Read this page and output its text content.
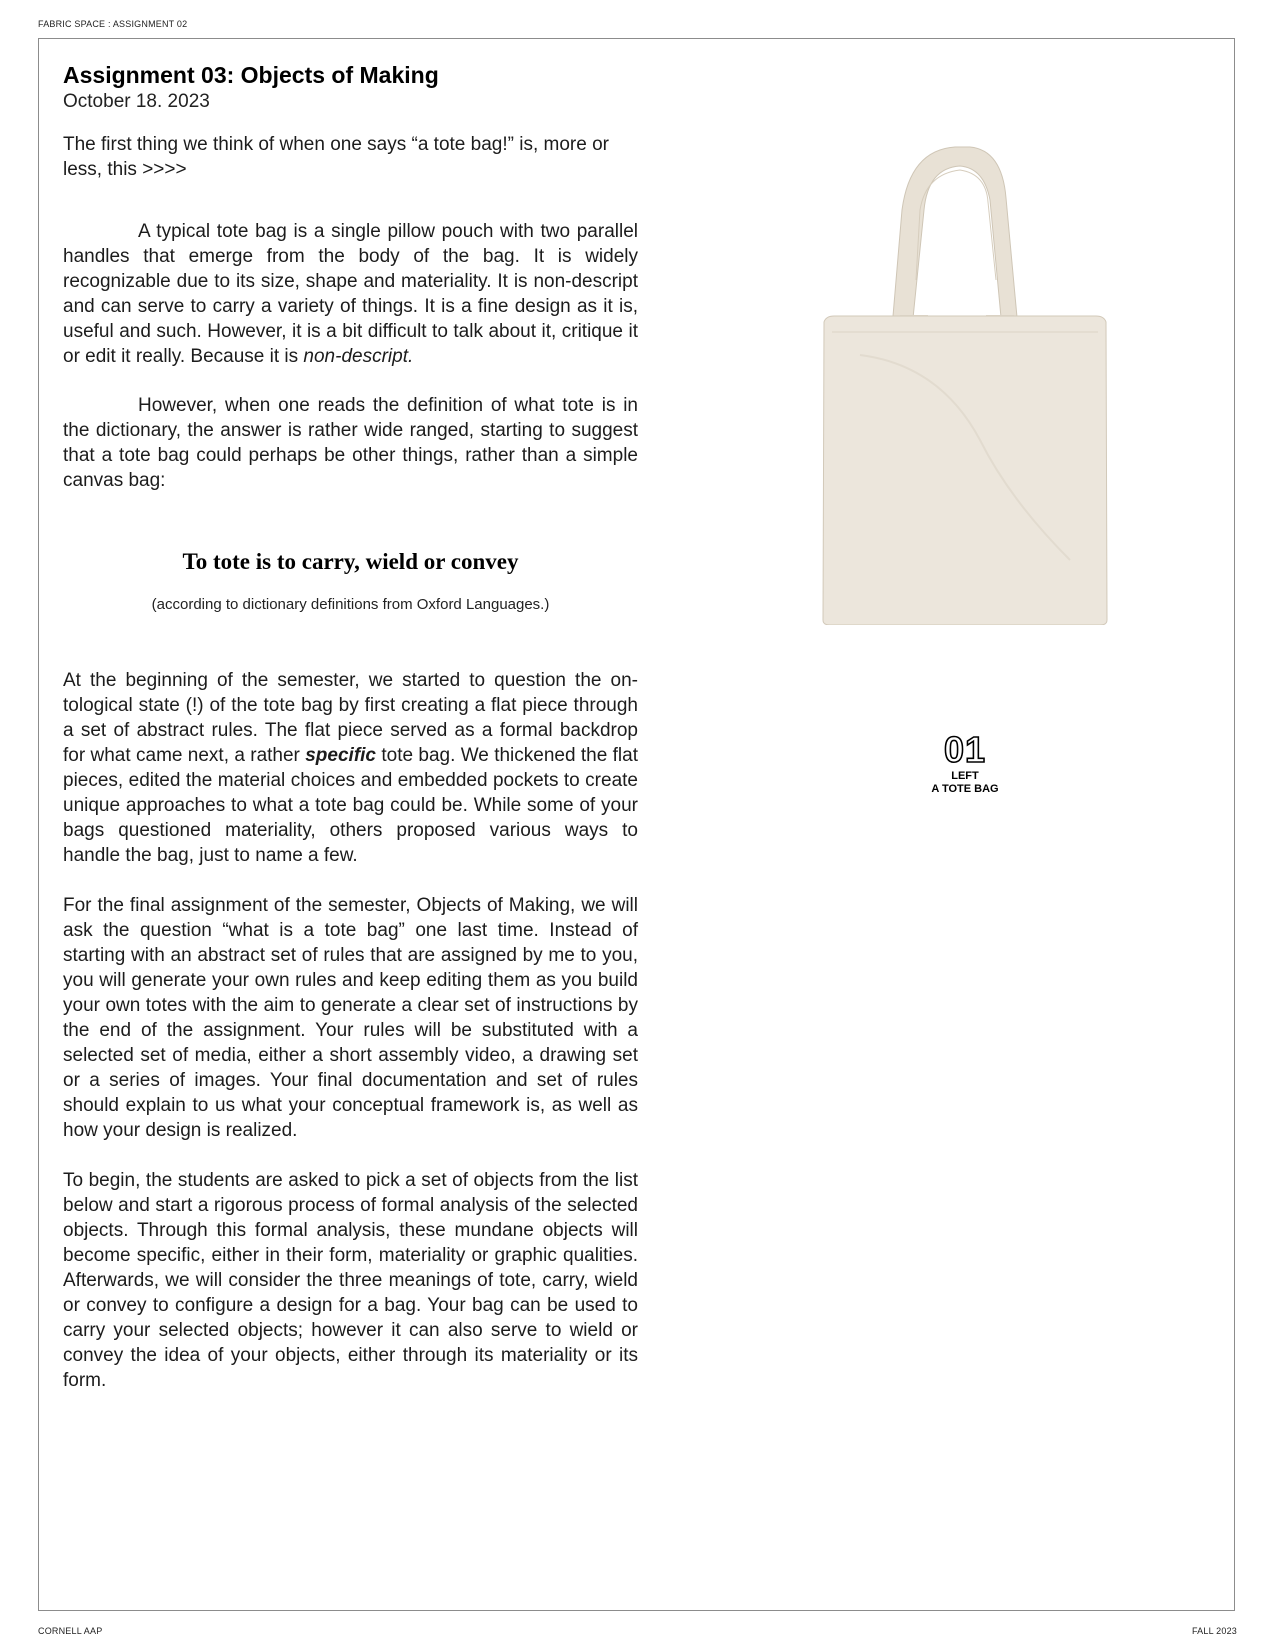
FABRIC SPACE : ASSIGNMENT 02
Assignment 03: Objects of Making

October 18. 2023

The first thing we think of when one says “a tote bag!” is, more or less, this >>>>

A typical tote bag is a single pillow pouch with two parallel handles that emerge from the body of the bag. It is widely recognizable due to its size, shape and materiality. It is non-descript and can serve to carry a variety of things. It is a fine design as it is, useful and such. However, it is a bit difficult to talk about it, critique it or edit it really. Because it is non-descript.

However, when one reads the definition of what tote is in the dictionary, the answer is rather wide ranged, starting to suggest that a tote bag could perhaps be other things, rather than a simple canvas bag:

To tote is to carry, wield or convey

(according to dictionary definitions from Oxford Languages.)

At the beginning of the semester, we started to question the ontological state (!) of the tote bag by first creating a flat piece through a set of abstract rules. The flat piece served as a formal backdrop for what came next, a rather specific tote bag. We thickened the flat pieces, edited the material choices and embedded pockets to create unique approaches to what a tote bag could be. While some of your bags questioned materiality, others proposed various ways to handle the bag, just to name a few.

For the final assignment of the semester, Objects of Making, we will ask the question “what is a tote bag” one last time. Instead of starting with an abstract set of rules that are assigned by me to you, you will generate your own rules and keep editing them as you build your own totes with the aim to generate a clear set of instructions by the end of the assignment. Your rules will be substituted with a selected set of media, either a short assembly video, a drawing set or a series of images. Your final documentation and set of rules should explain to us what your conceptual framework is, as well as how your design is realized.

To begin, the students are asked to pick a set of objects from the list below and start a rigorous process of formal analysis of the selected objects. Through this formal analysis, these mundane objects will become specific, either in their form, materiality or graphic qualities. Afterwards, we will consider the three meanings of tote, carry, wield or convey to configure a design for a bag. Your bag can be used to carry your selected objects; however it can also serve to wield or convey the idea of your objects, either through its materiality or its form.

01
LEFT
A TOTE BAG
CORNELL AAP	FALL 2023
